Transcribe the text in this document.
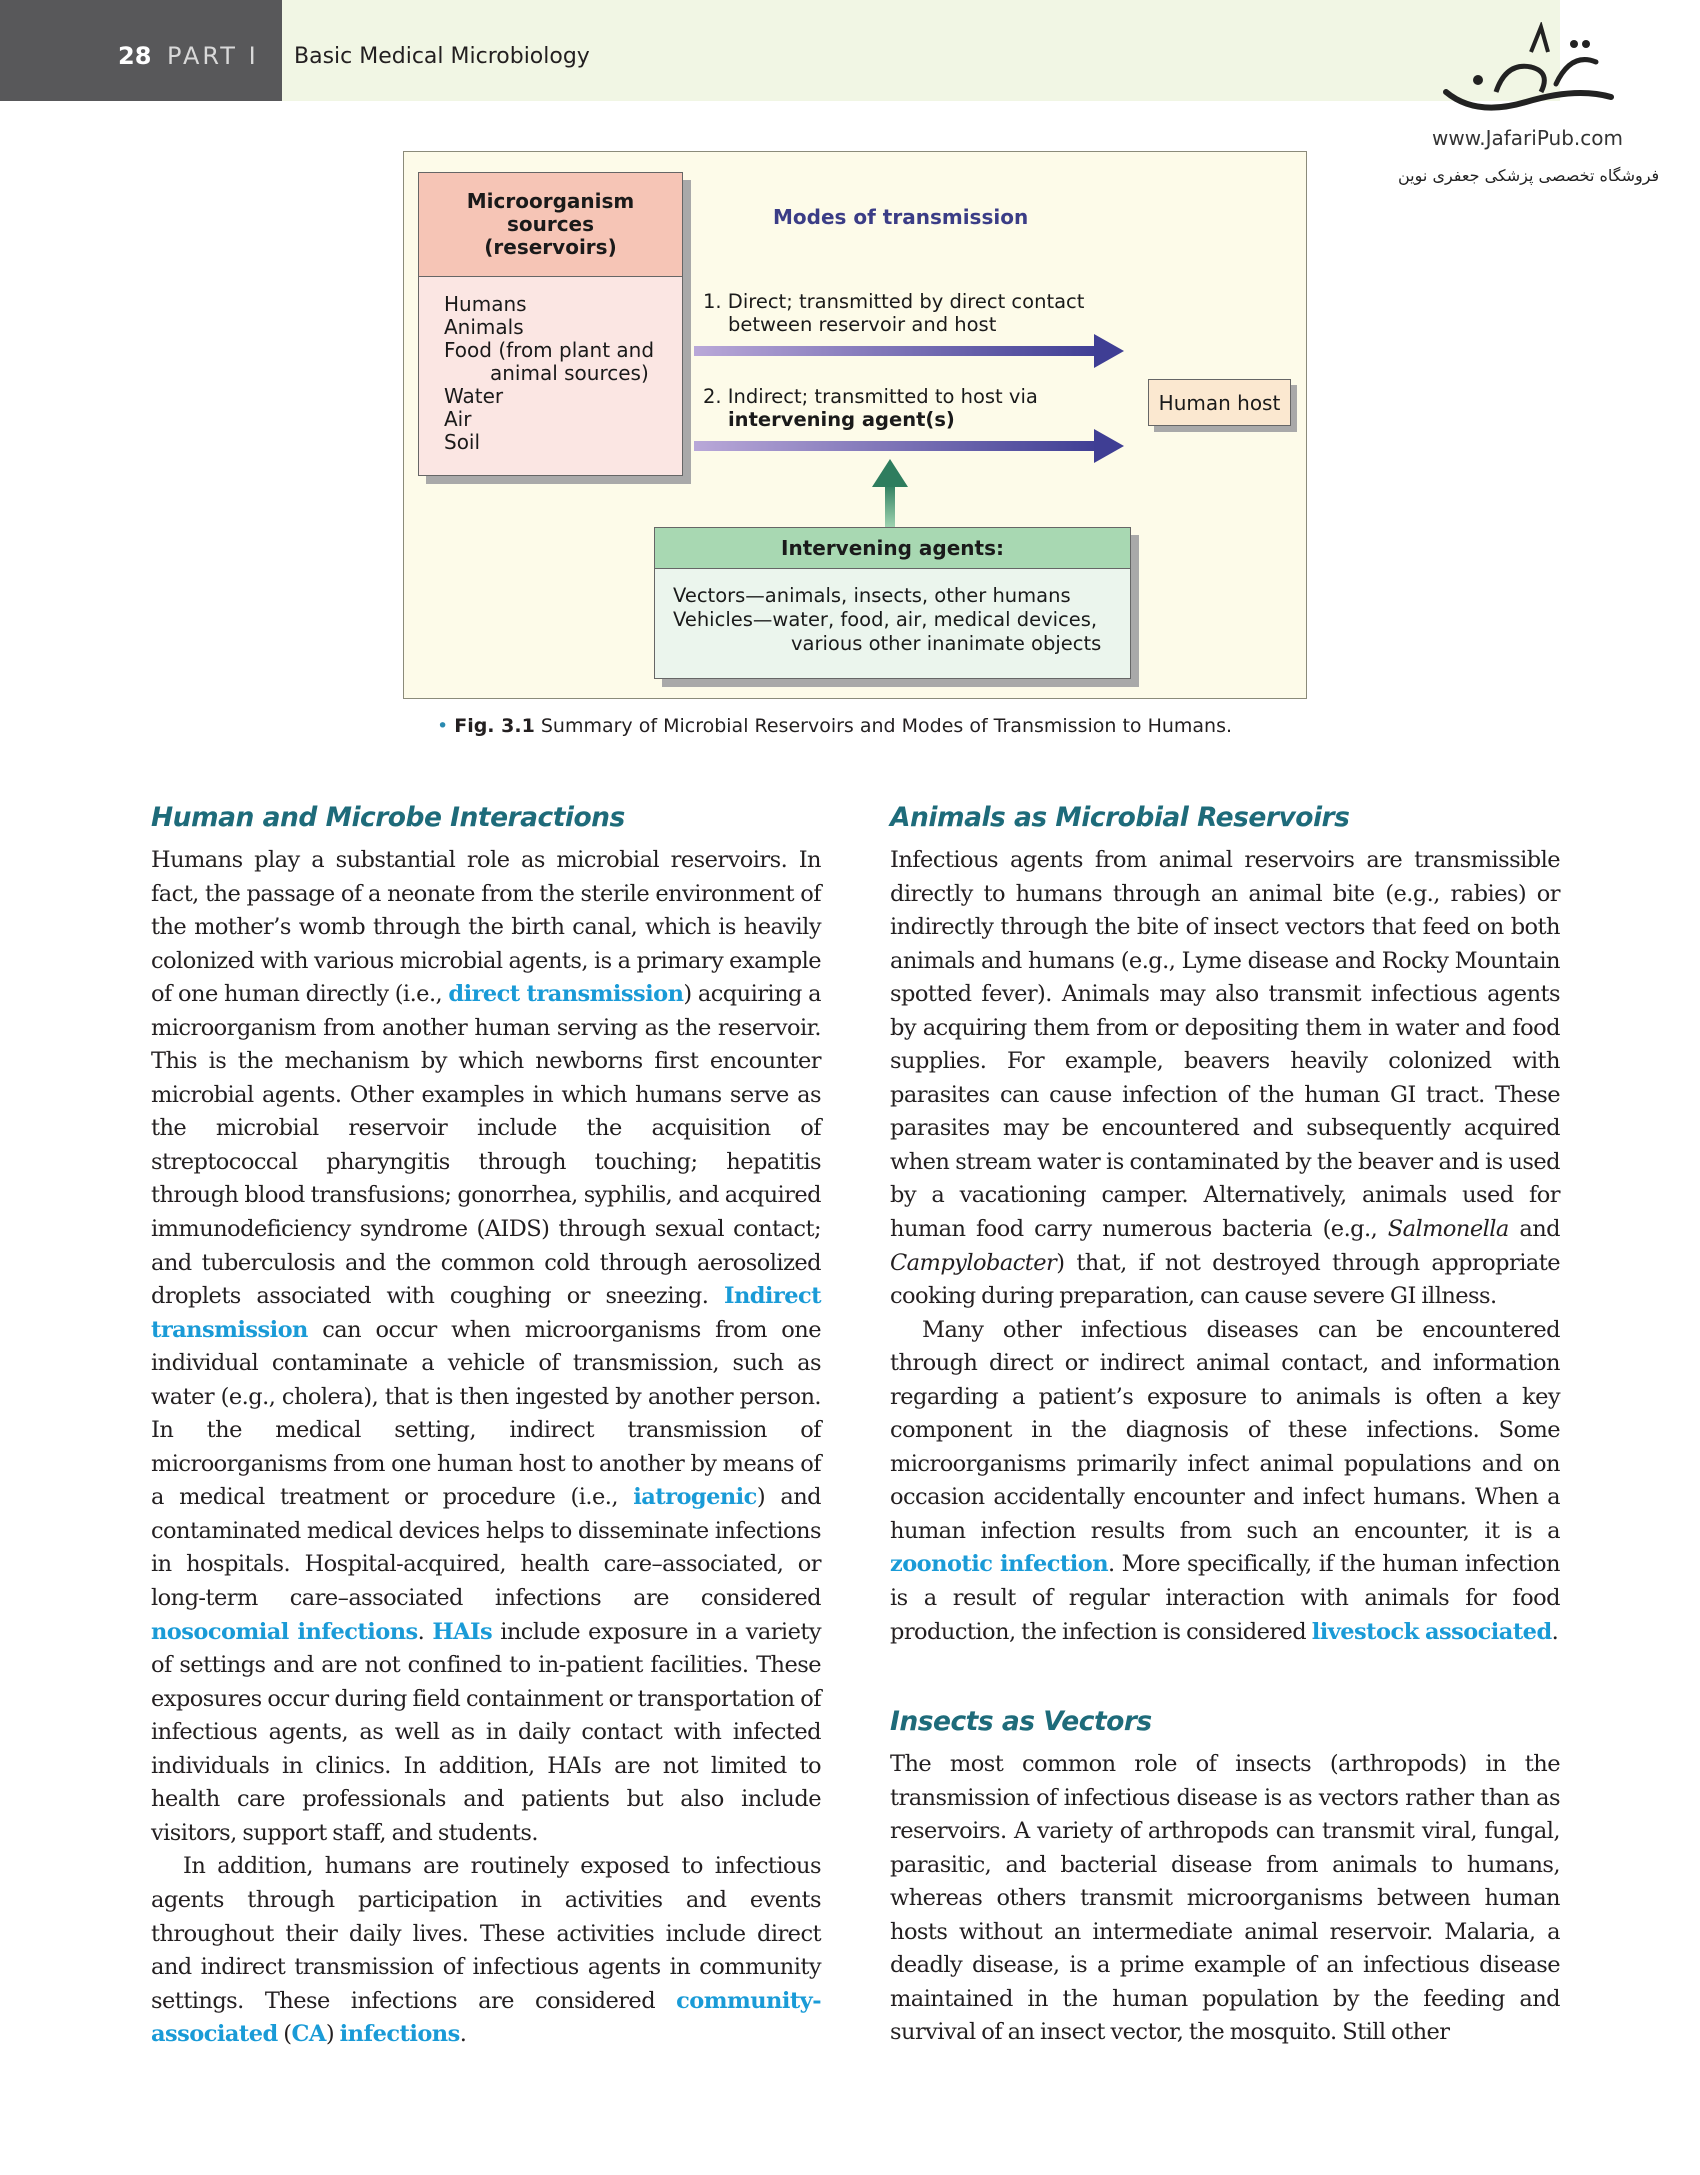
28 PART I Basic Medical Microbiology
www.JafariPub.com
فروشگاه تخصصی پزشکی جعفری نوین
Microorganism
sources
(reservoirs)
Humans
Animals
Food (from plant and
animal sources)
Water
Air
Soil
Modes of transmission
1. Direct; transmitted by direct contact
between reservoir and host
2. Indirect; transmitted to host via
intervening agent(s)
Human host
Intervening agents:
Vectors—animals, insects, other humans
Vehicles—water, food, air, medical devices,
various other inanimate objects
• Fig. 3.1 Summary of Microbial Reservoirs and Modes of Transmission to Humans.
Human and Microbe Interactions

Humans play a substantial role as microbial reservoirs. In fact, the passage of a neonate from the sterile environment of the mother’s womb through the birth canal, which is heavily colonized with various microbial agents, is a primary example of one human directly (i.e., direct transmission) acquiring a microorganism from another human serving as the reservoir. This is the mechanism by which newborns first encounter microbial agents. Other examples in which humans serve as the microbial reservoir include the acquisition of streptococcal pharyngitis through touching; hepatitis through blood transfusions; gonorrhea, syphilis, and acquired immunodeficiency syndrome (AIDS) through sexual contact; and tuberculosis and the common cold through aerosolized droplets associated with coughing or sneezing. Indirect transmission can occur when microorganisms from one individual contaminate a vehicle of transmission, such as water (e.g., cholera), that is then ingested by another person. In the medical setting, indirect transmission of microorganisms from one human host to another by means of a medical treatment or procedure (i.e., iatrogenic) and contaminated medical devices helps to disseminate infections in hospitals. Hospital-acquired, health care–associated, or long-term care–associated infections are considered nosocomial infections. HAIs include exposure in a variety of settings and are not confined to in-patient facilities. These exposures occur during field containment or transportation of infectious agents, as well as in daily contact with infected individuals in clinics. In addition, HAIs are not limited to health care professionals and patients but also include visitors, support staff, and students.

In addition, humans are routinely exposed to infectious agents through participation in activities and events throughout their daily lives. These activities include direct and indirect transmission of infectious agents in community settings. These infections are considered community-associated (CA) infections.

Animals as Microbial Reservoirs

Infectious agents from animal reservoirs are transmissible directly to humans through an animal bite (e.g., rabies) or indirectly through the bite of insect vectors that feed on both animals and humans (e.g., Lyme disease and Rocky Mountain spotted fever). Animals may also transmit infectious agents by acquiring them from or depositing them in water and food supplies. For example, beavers heavily colonized with parasites can cause infection of the human GI tract. These parasites may be encountered and subsequently acquired when stream water is contaminated by the beaver and is used by a vacationing camper. Alternatively, animals used for human food carry numerous bacteria (e.g., Salmonella and Campylobacter) that, if not destroyed through appropriate cooking during preparation, can cause severe GI illness.

Many other infectious diseases can be encountered through direct or indirect animal contact, and information regarding a patient’s exposure to animals is often a key component in the diagnosis of these infections. Some microorganisms primarily infect animal populations and on occasion accidentally encounter and infect humans. When a human infection results from such an encounter, it is a zoonotic infection. More specifically, if the human infection is a result of regular interaction with animals for food production, the infection is considered livestock associated.

Insects as Vectors

The most common role of insects (arthropods) in the transmission of infectious disease is as vectors rather than as reservoirs. A variety of arthropods can transmit viral, fungal, parasitic, and bacterial disease from animals to humans, whereas others transmit microorganisms between human hosts without an intermediate animal reservoir. Malaria, a deadly disease, is a prime example of an infectious disease maintained in the human population by the feeding and survival of an insect vector, the mosquito. Still other
